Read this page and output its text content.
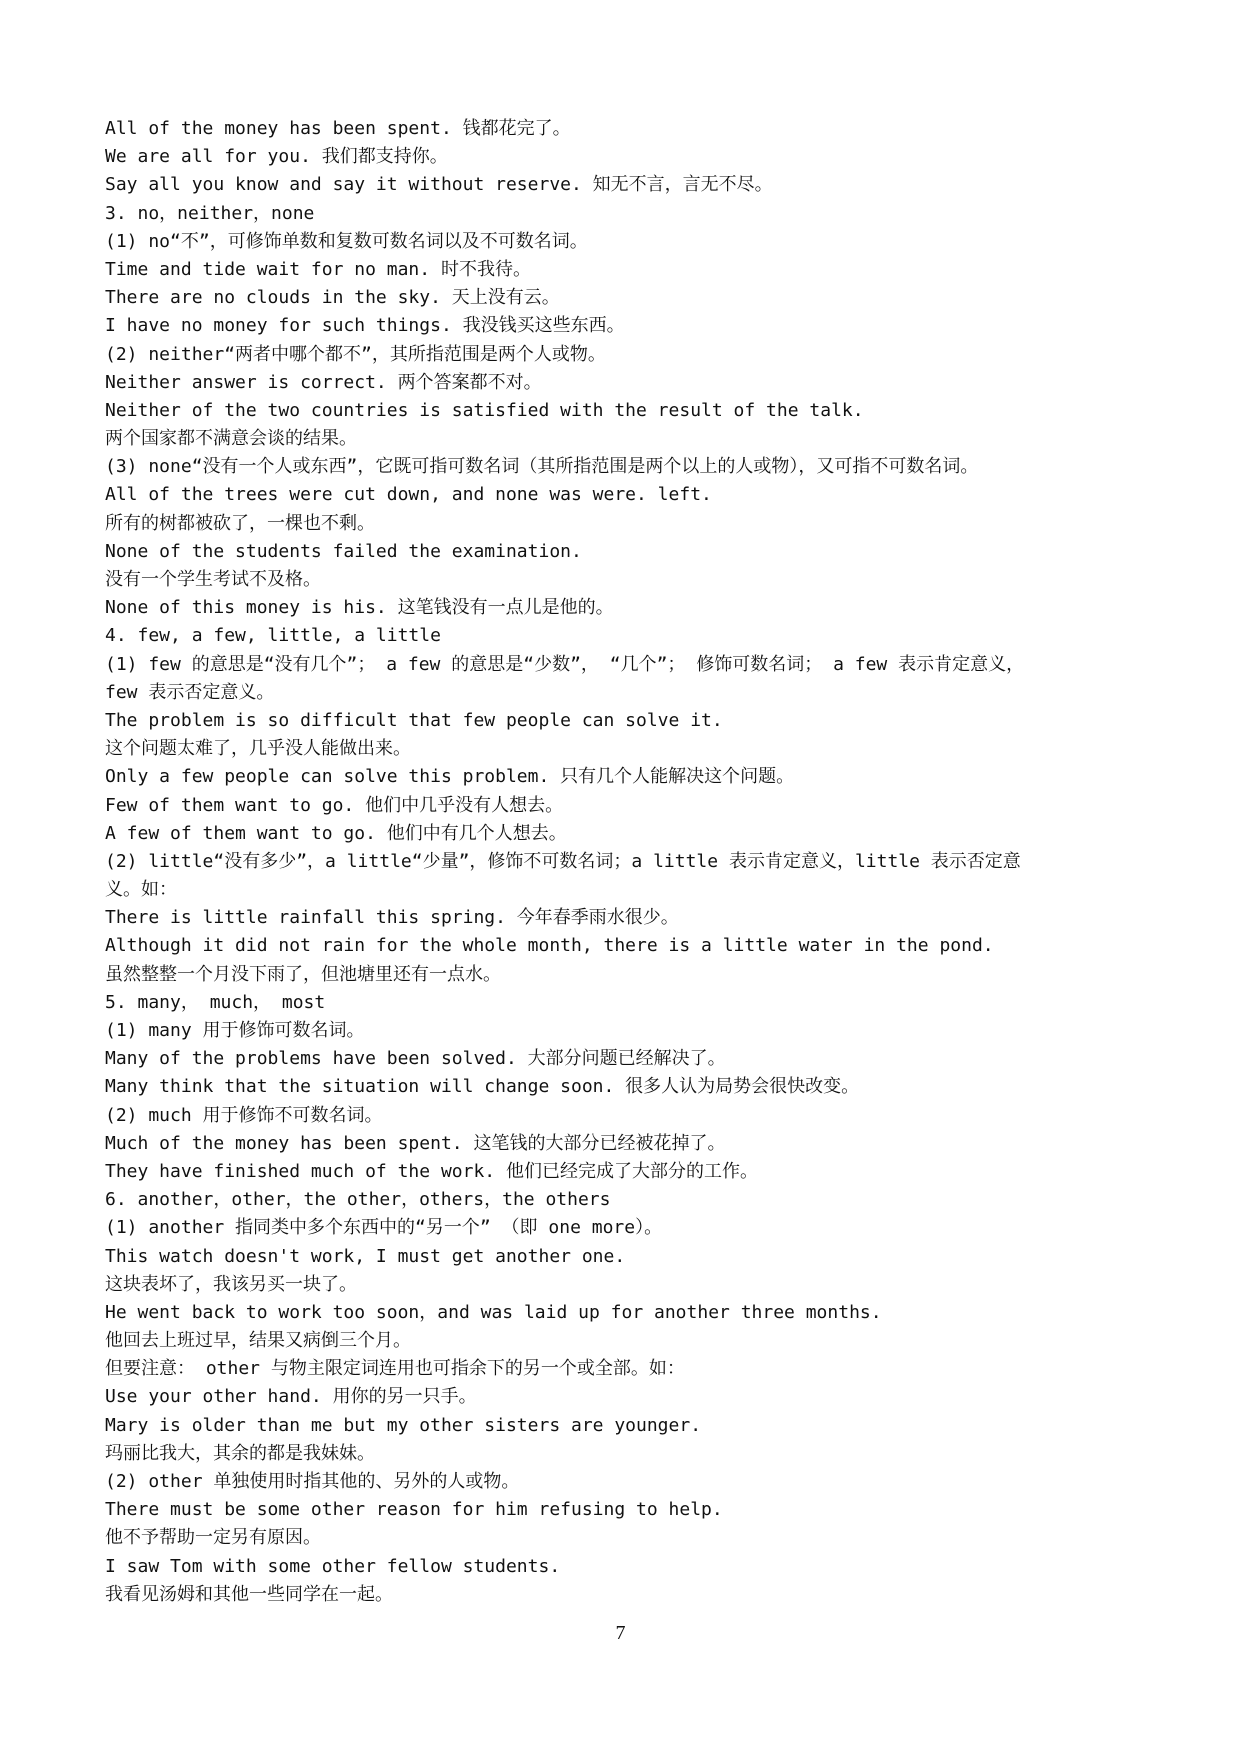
All of the money has been spent. 钱都花完了。
We are all for you. 我们都支持你。
Say all you know and say it without reserve. 知无不言，言无不尽。
3. no，neither，none
(1) no“不”，可修饰单数和复数可数名词以及不可数名词。
Time and tide wait for no man. 时不我待。
There are no clouds in the sky. 天上没有云。
I have no money for such things. 我没钱买这些东西。
(2) neither“两者中哪个都不”，其所指范围是两个人或物。
Neither answer is correct. 两个答案都不对。
Neither of the two countries is satisfied with the result of the talk.
两个国家都不满意会谈的结果。
(3) none“没有一个人或东西”，它既可指可数名词（其所指范围是两个以上的人或物），又可指不可数名词。
All of the trees were cut down, and none was were. left.
所有的树都被砍了，一棵也不剩。
None of the students failed the examination.
没有一个学生考试不及格。
None of this money is his. 这笔钱没有一点儿是他的。
4. few, a few, little, a little
(1) few 的意思是“没有几个”； a few 的意思是“少数”， “几个”； 修饰可数名词； a few 表示肯定意义，
few 表示否定意义。
The problem is so difficult that few people can solve it.
这个问题太难了，几乎没人能做出来。
Only a few people can solve this problem. 只有几个人能解决这个问题。
Few of them want to go. 他们中几乎没有人想去。
A few of them want to go. 他们中有几个人想去。
(2) little“没有多少”，a little“少量”，修饰不可数名词；a little 表示肯定意义，little 表示否定意
义。如：
There is little rainfall this spring. 今年春季雨水很少。
Although it did not rain for the whole month, there is a little water in the pond.
虽然整整一个月没下雨了，但池塘里还有一点水。
5. many， much， most
(1) many 用于修饰可数名词。
Many of the problems have been solved. 大部分问题已经解决了。
Many think that the situation will change soon. 很多人认为局势会很快改变。
(2) much 用于修饰不可数名词。
Much of the money has been spent. 这笔钱的大部分已经被花掉了。
They have finished much of the work. 他们已经完成了大部分的工作。
6. another，other，the other，others，the others
(1) another 指同类中多个东西中的“另一个” （即 one more）。
This watch doesn't work, I must get another one.
这块表坏了，我该另买一块了。
He went back to work too soon，and was laid up for another three months.
他回去上班过早，结果又病倒三个月。
但要注意： other 与物主限定词连用也可指余下的另一个或全部。如：
Use your other hand. 用你的另一只手。
Mary is older than me but my other sisters are younger.
玛丽比我大，其余的都是我妹妹。
(2) other 单独使用时指其他的、另外的人或物。
There must be some other reason for him refusing to help.
他不予帮助一定另有原因。
I saw Tom with some other fellow students.
我看见汤姆和其他一些同学在一起。
7
